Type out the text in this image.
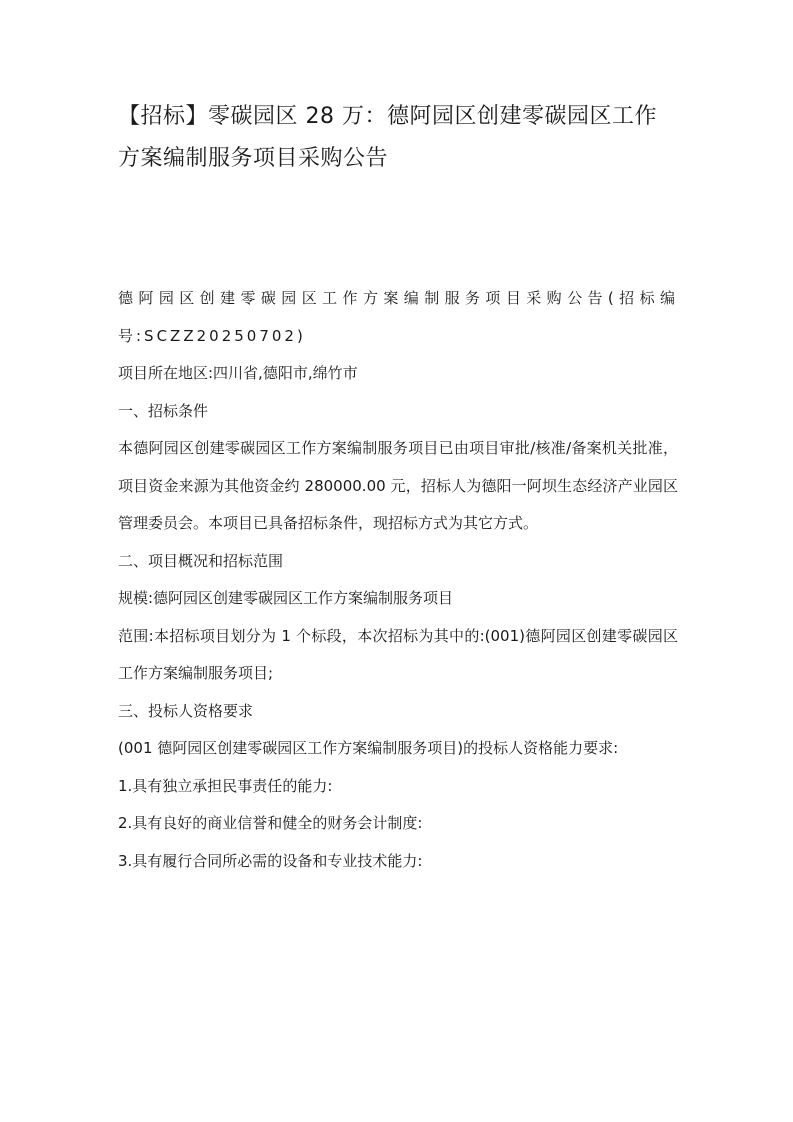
【招标】零碳园区 28 万：德阿园区创建零碳园区工作方案编制服务项目采购公告

德阿园区创建零碳园区工作方案编制服务项目采购公告(招标编号:SCZZ20250702)

项目所在地区:四川省,德阳市,绵竹市

一、招标条件

本德阿园区创建零碳园区工作方案编制服务项目已由项目审批/核准/备案机关批准，项目资金来源为其他资金约 280000.00 元，招标人为德阳一阿坝生态经济产业园区管理委员会。本项目已具备招标条件，现招标方式为其它方式。

二、项目概况和招标范围

规模:德阿园区创建零碳园区工作方案编制服务项目

范围:本招标项目划分为 1 个标段，本次招标为其中的:(001)德阿园区创建零碳园区工作方案编制服务项目;

三、投标人资格要求

(001 德阿园区创建零碳园区工作方案编制服务项目)的投标人资格能力要求:

1.具有独立承担民事责任的能力:

2.具有良好的商业信誉和健全的财务会计制度:

3.具有履行合同所必需的设备和专业技术能力:
